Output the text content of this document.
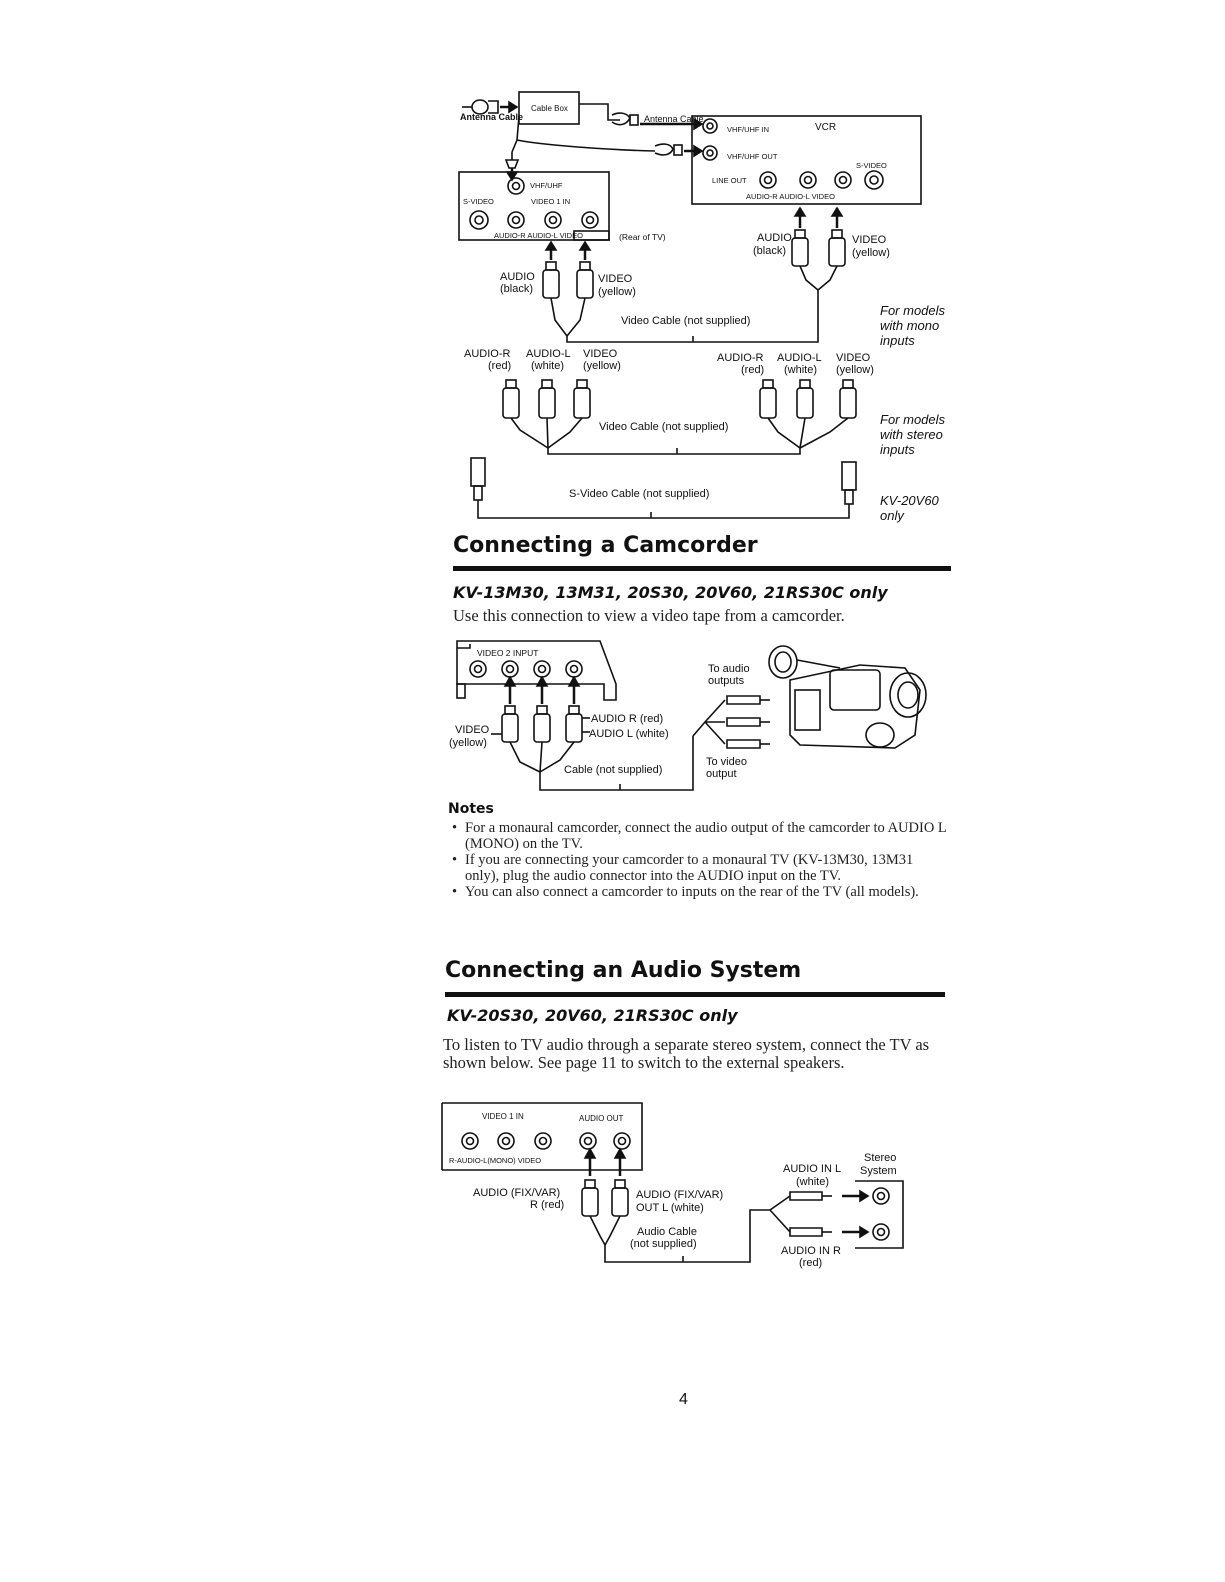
Antenna Cable
Cable Box
Antenna Cable
VCR
VHF/UHF IN
VHF/UHF OUT
S-VIDEO
LINE OUT
AUDIO-R AUDIO-L VIDEO
VHF/UHF
S-VIDEO	VIDEO 1 IN
AUDIO-R AUDIO-L VIDEO	(Rear of TV)
AUDIO
(black)
VIDEO
(yellow)
AUDIO
(black)
VIDEO
(yellow)
Video Cable (not supplied)
AUDIO-R
(red)
AUDIO-L
(white)
VIDEO
(yellow)
AUDIO-R
(red)
AUDIO-L
(white)
VIDEO
(yellow)
Video Cable (not supplied)
S-Video Cable (not supplied)

For models
with mono
inputs

For models
with stereo
inputs

KV-20V60
only

Connecting a Camcorder
KV-13M30, 13M31, 20S30, 20V60, 21RS30C only

Use this connection to view a video tape from a camcorder.

VIDEO 2 INPUT
VIDEO
(yellow)
AUDIO R (red)
AUDIO L (white)
Cable (not supplied)
To audio
outputs
To video
output
Notes
• For a monaural camcorder, connect the audio output of the camcorder to AUDIO L (MONO) on the TV.
• If you are connecting your camcorder to a monaural TV (KV-13M30, 13M31 only), plug the audio connector into the AUDIO input on the TV.
• You can also connect a camcorder to inputs on the rear of the TV (all models).
Connecting an Audio System
KV-20S30, 20V60, 21RS30C only

To listen to TV audio through a separate stereo system, connect the TV as shown below. See page 11 to switch to the external speakers.

VIDEO 1 IN	AUDIO OUT
R-AUDIO-L(MONO) VIDEO
AUDIO (FIX/VAR)
R (red)
AUDIO (FIX/VAR)
OUT L (white)
Audio Cable
(not supplied)
AUDIO IN L
(white)
AUDIO IN R
(red)
Stereo
System

4
